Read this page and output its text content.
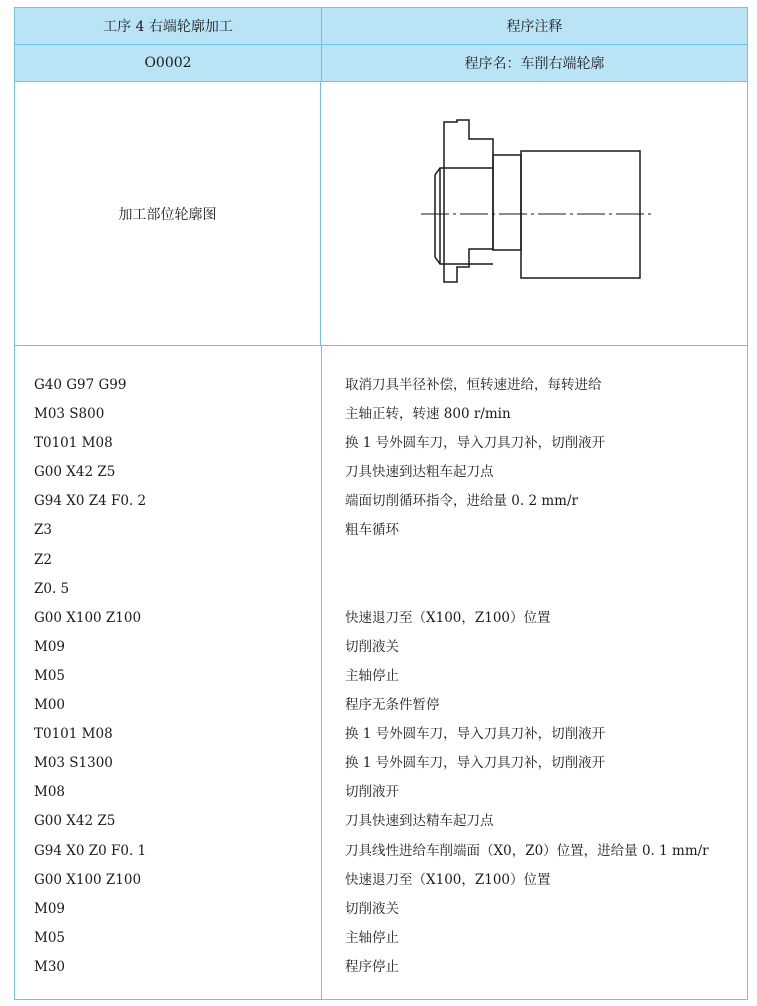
工序 4 右端轮廓加工	程序注释
O0002	程序名：车削右端轮廓
加工部位轮廓图
G40 G97 G99
M03 S800
T0101 M08
G00 X42 Z5
G94 X0 Z4 F0. 2
Z3
Z2
Z0. 5
G00 X100 Z100
M09
M05
M00
T0101 M08
M03 S1300
M08
G00 X42 Z5
G94 X0 Z0 F0. 1
G00 X100 Z100
M09
M05
M30
取消刀具半径补偿，恒转速进给，每转进给
主轴正转，转速 800 r/min
换 1 号外圆车刀，导入刀具刀补，切削液开
刀具快速到达粗车起刀点
端面切削循环指令，进给量 0. 2 mm/r
粗车循环
快速退刀至（X100，Z100）位置
切削液关
主轴停止
程序无条件暂停
换 1 号外圆车刀，导入刀具刀补，切削液开
换 1 号外圆车刀，导入刀具刀补，切削液开
切削液开
刀具快速到达精车起刀点
刀具线性进给车削端面（X0，Z0）位置，进给量 0. 1 mm/r
快速退刀至（X100，Z100）位置
切削液关
主轴停止
程序停止
